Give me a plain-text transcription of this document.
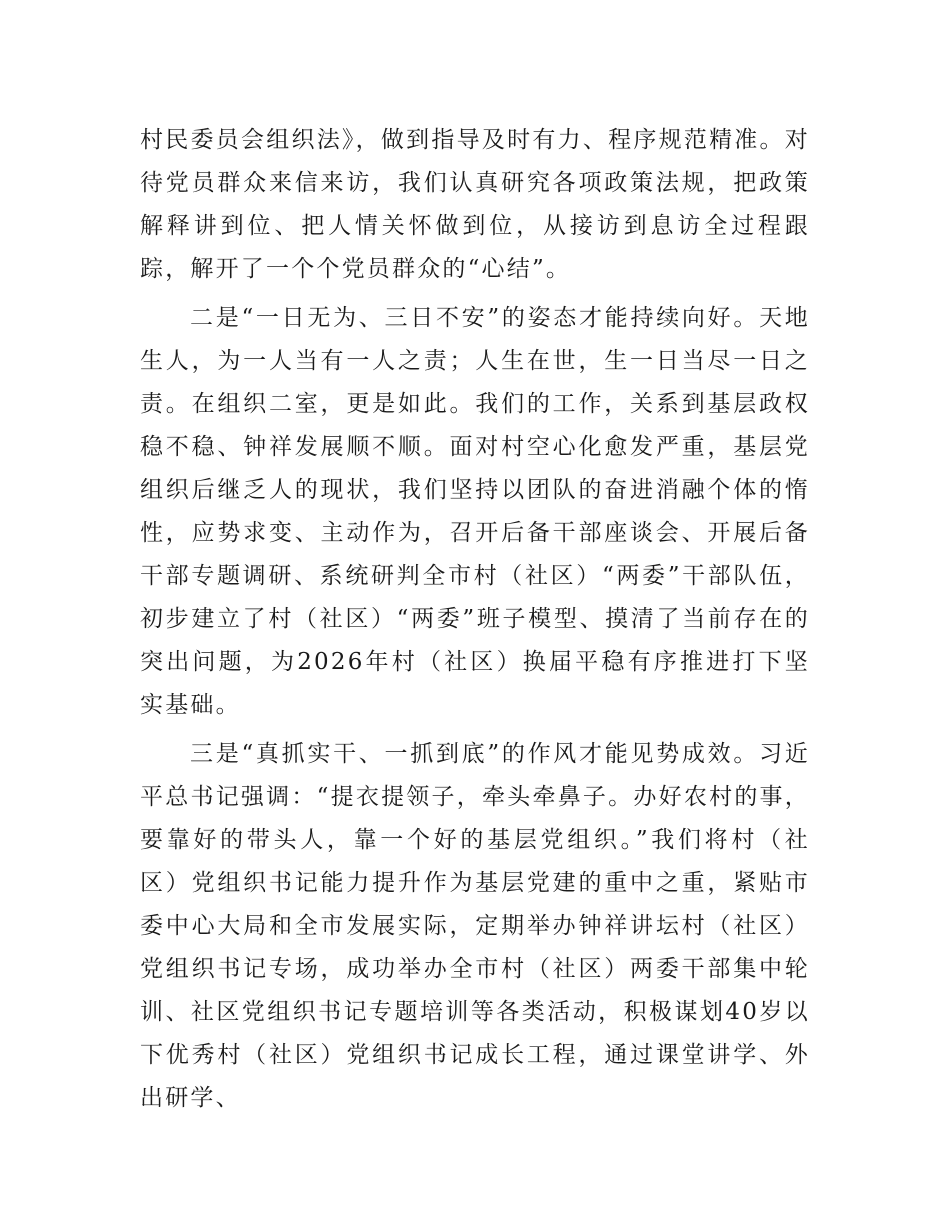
村民委员会组织法》，做到指导及时有力、程序规范精准。对待党员群众来信来访，我们认真研究各项政策法规，把政策解释讲到位、把人情关怀做到位，从接访到息访全过程跟踪，解开了一个个党员群众的“心结”。

二是“一日无为、三日不安”的姿态才能持续向好。天地生人，为一人当有一人之责；人生在世，生一日当尽一日之责。在组织二室，更是如此。我们的工作，关系到基层政权稳不稳、钟祥发展顺不顺。面对村空心化愈发严重，基层党组织后继乏人的现状，我们坚持以团队的奋进消融个体的惰性，应势求变、主动作为，召开后备干部座谈会、开展后备干部专题调研、系统研判全市村（社区）“两委”干部队伍，初步建立了村（社区）“两委”班子模型、摸清了当前存在的突出问题，为2026年村（社区）换届平稳有序推进打下坚实基础。

三是“真抓实干、一抓到底”的作风才能见势成效。习近平总书记强调：“提衣提领子，牵头牵鼻子。办好农村的事，要靠好的带头人，靠一个好的基层党组织。”我们将村（社区）党组织书记能力提升作为基层党建的重中之重，紧贴市委中心大局和全市发展实际，定期举办钟祥讲坛村（社区）党组织书记专场，成功举办全市村（社区）两委干部集中轮训、社区党组织书记专题培训等各类活动，积极谋划40岁以下优秀村（社区）党组织书记成长工程，通过课堂讲学、外出研学、
